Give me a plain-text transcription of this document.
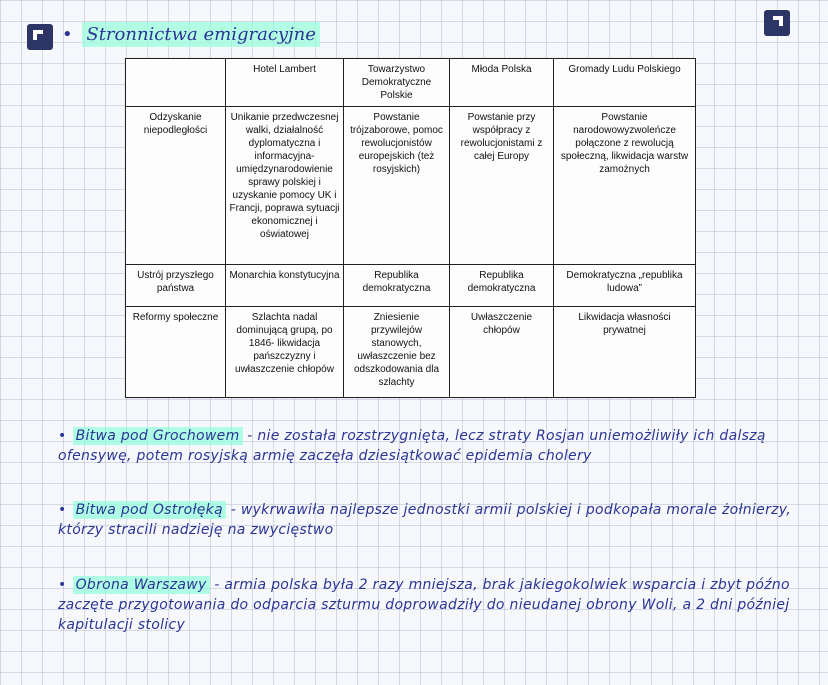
• Stronnictwa emigracyjne
	Hotel Lambert	Towarzystwo Demokratyczne Polskie	Młoda Polska	Gromady Ludu Polskiego
Odzyskanie niepodległości	Unikanie przedwczesnej walki, działalność dyplomatyczna i informacyjna- umiędzynarodowienie sprawy polskiej i uzyskanie pomocy UK i Francji, poprawa sytuacji ekonomicznej i oświatowej	Powstanie trójzaborowe, pomoc rewolucjonistów europejskich (też rosyjskich)	Powstanie przy współpracy z rewolucjonistami z całej Europy	Powstanie narodowowyzwoleńcze połączone z rewolucją społeczną, likwidacja warstw zamożnych
Ustrój przyszłego państwa	Monarchia konstytucyjna	Republika demokratyczna	Republika demokratyczna	Demokratyczna „republika ludowa”
Reformy społeczne	Szlachta nadal dominującą grupą, po 1846- likwidacja pańszczyzny i uwłaszczenie chłopów	Zniesienie przywilejów stanowych, uwłaszczenie bez odszkodowania dla szlachty	Uwłaszczenie chłopów	Likwidacja własności prywatnej
• Bitwa pod Grochowem - nie została rozstrzygnięta, lecz straty Rosjan uniemożliwiły ich dalszą ofensywę, potem rosyjską armię zaczęła dziesiątkować epidemia cholery
• Bitwa pod Ostrołęką - wykrwawiła najlepsze jednostki armii polskiej i podkopała morale żołnierzy, którzy stracili nadzieję na zwycięstwo
• Obrona Warszawy - armia polska była 2 razy mniejsza, brak jakiegokolwiek wsparcia i zbyt późno zaczęte przygotowania do odparcia szturmu doprowadziły do nieudanej obrony Woli, a 2 dni później kapitulacji stolicy
